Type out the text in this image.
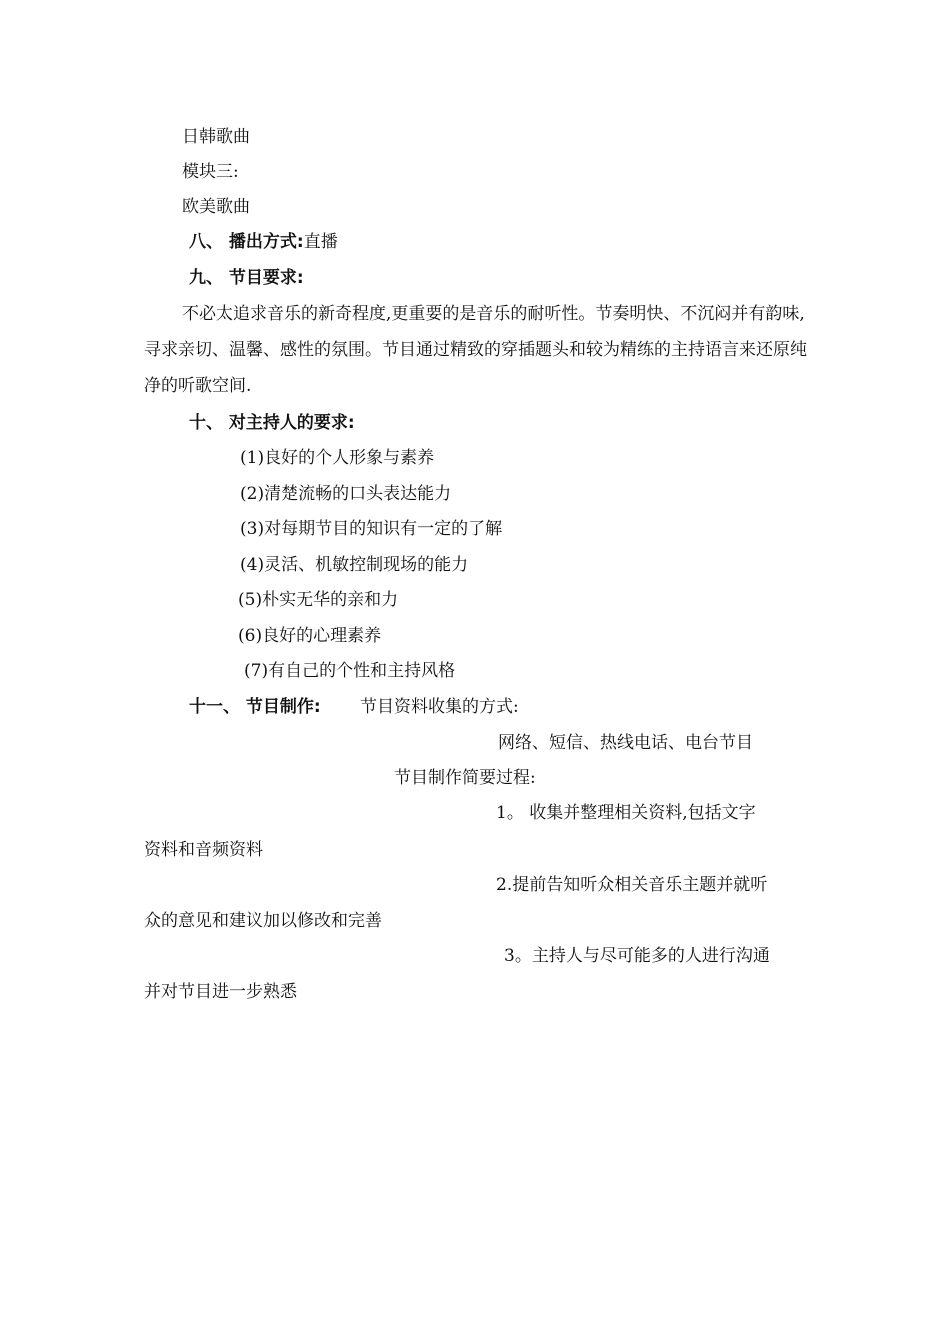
日韩歌曲
模块三:
欧美歌曲
八、 播出方式:直播
九、 节目要求:
不必太追求音乐的新奇程度,更重要的是音乐的耐听性。节奏明快、不沉闷并有韵味,寻求亲切、温馨、感性的氛围。节目通过精致的穿插题头和较为精练的主持语言来还原纯净的听歌空间.
十、 对主持人的要求:
(1)良好的个人形象与素养
(2)清楚流畅的口头表达能力
(3)对每期节目的知识有一定的了解
(4)灵活、机敏控制现场的能力
(5)朴实无华的亲和力
(6)良好的心理素养
(7)有自己的个性和主持风格
十一、 节目制作: 节目资料收集的方式:
网络、短信、热线电话、电台节目
节目制作简要过程:
1。 收集并整理相关资料,包括文字
资料和音频资料
2.提前告知听众相关音乐主题并就听
众的意见和建议加以修改和完善
3。主持人与尽可能多的人进行沟通
并对节目进一步熟悉
